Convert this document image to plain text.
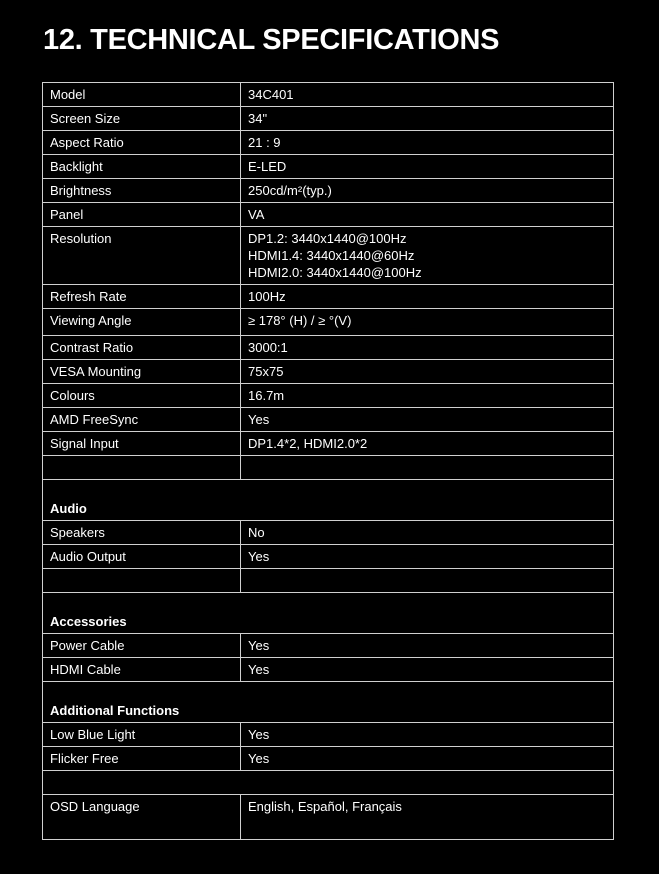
12. TECHNICAL SPECIFICATIONS
Model	34C401
Screen Size	34"
Aspect Ratio	21 : 9
Backlight	E-LED
Brightness	250cd/m²(typ.)
Panel	VA
Resolution	DP1.2: 3440x1440@100Hz
HDMI1.4: 3440x1440@60Hz
HDMI2.0: 3440x1440@100Hz

Refresh Rate	100Hz
Viewing Angle	≥ 178° (H) / ≥ °(V)
Contrast Ratio	3000:1
VESA Mounting	75x75
Colours	16.7m
AMD FreeSync	Yes
Signal Input	DP1.4*2, HDMI2.0*2

Audio	
Speakers	No
Audio Output	Yes

Accessories	
Power Cable	Yes
HDMI Cable	Yes
Additional Functions	
Low Blue Light	Yes
Flicker Free	Yes

OSD Language	English, Español, Français
